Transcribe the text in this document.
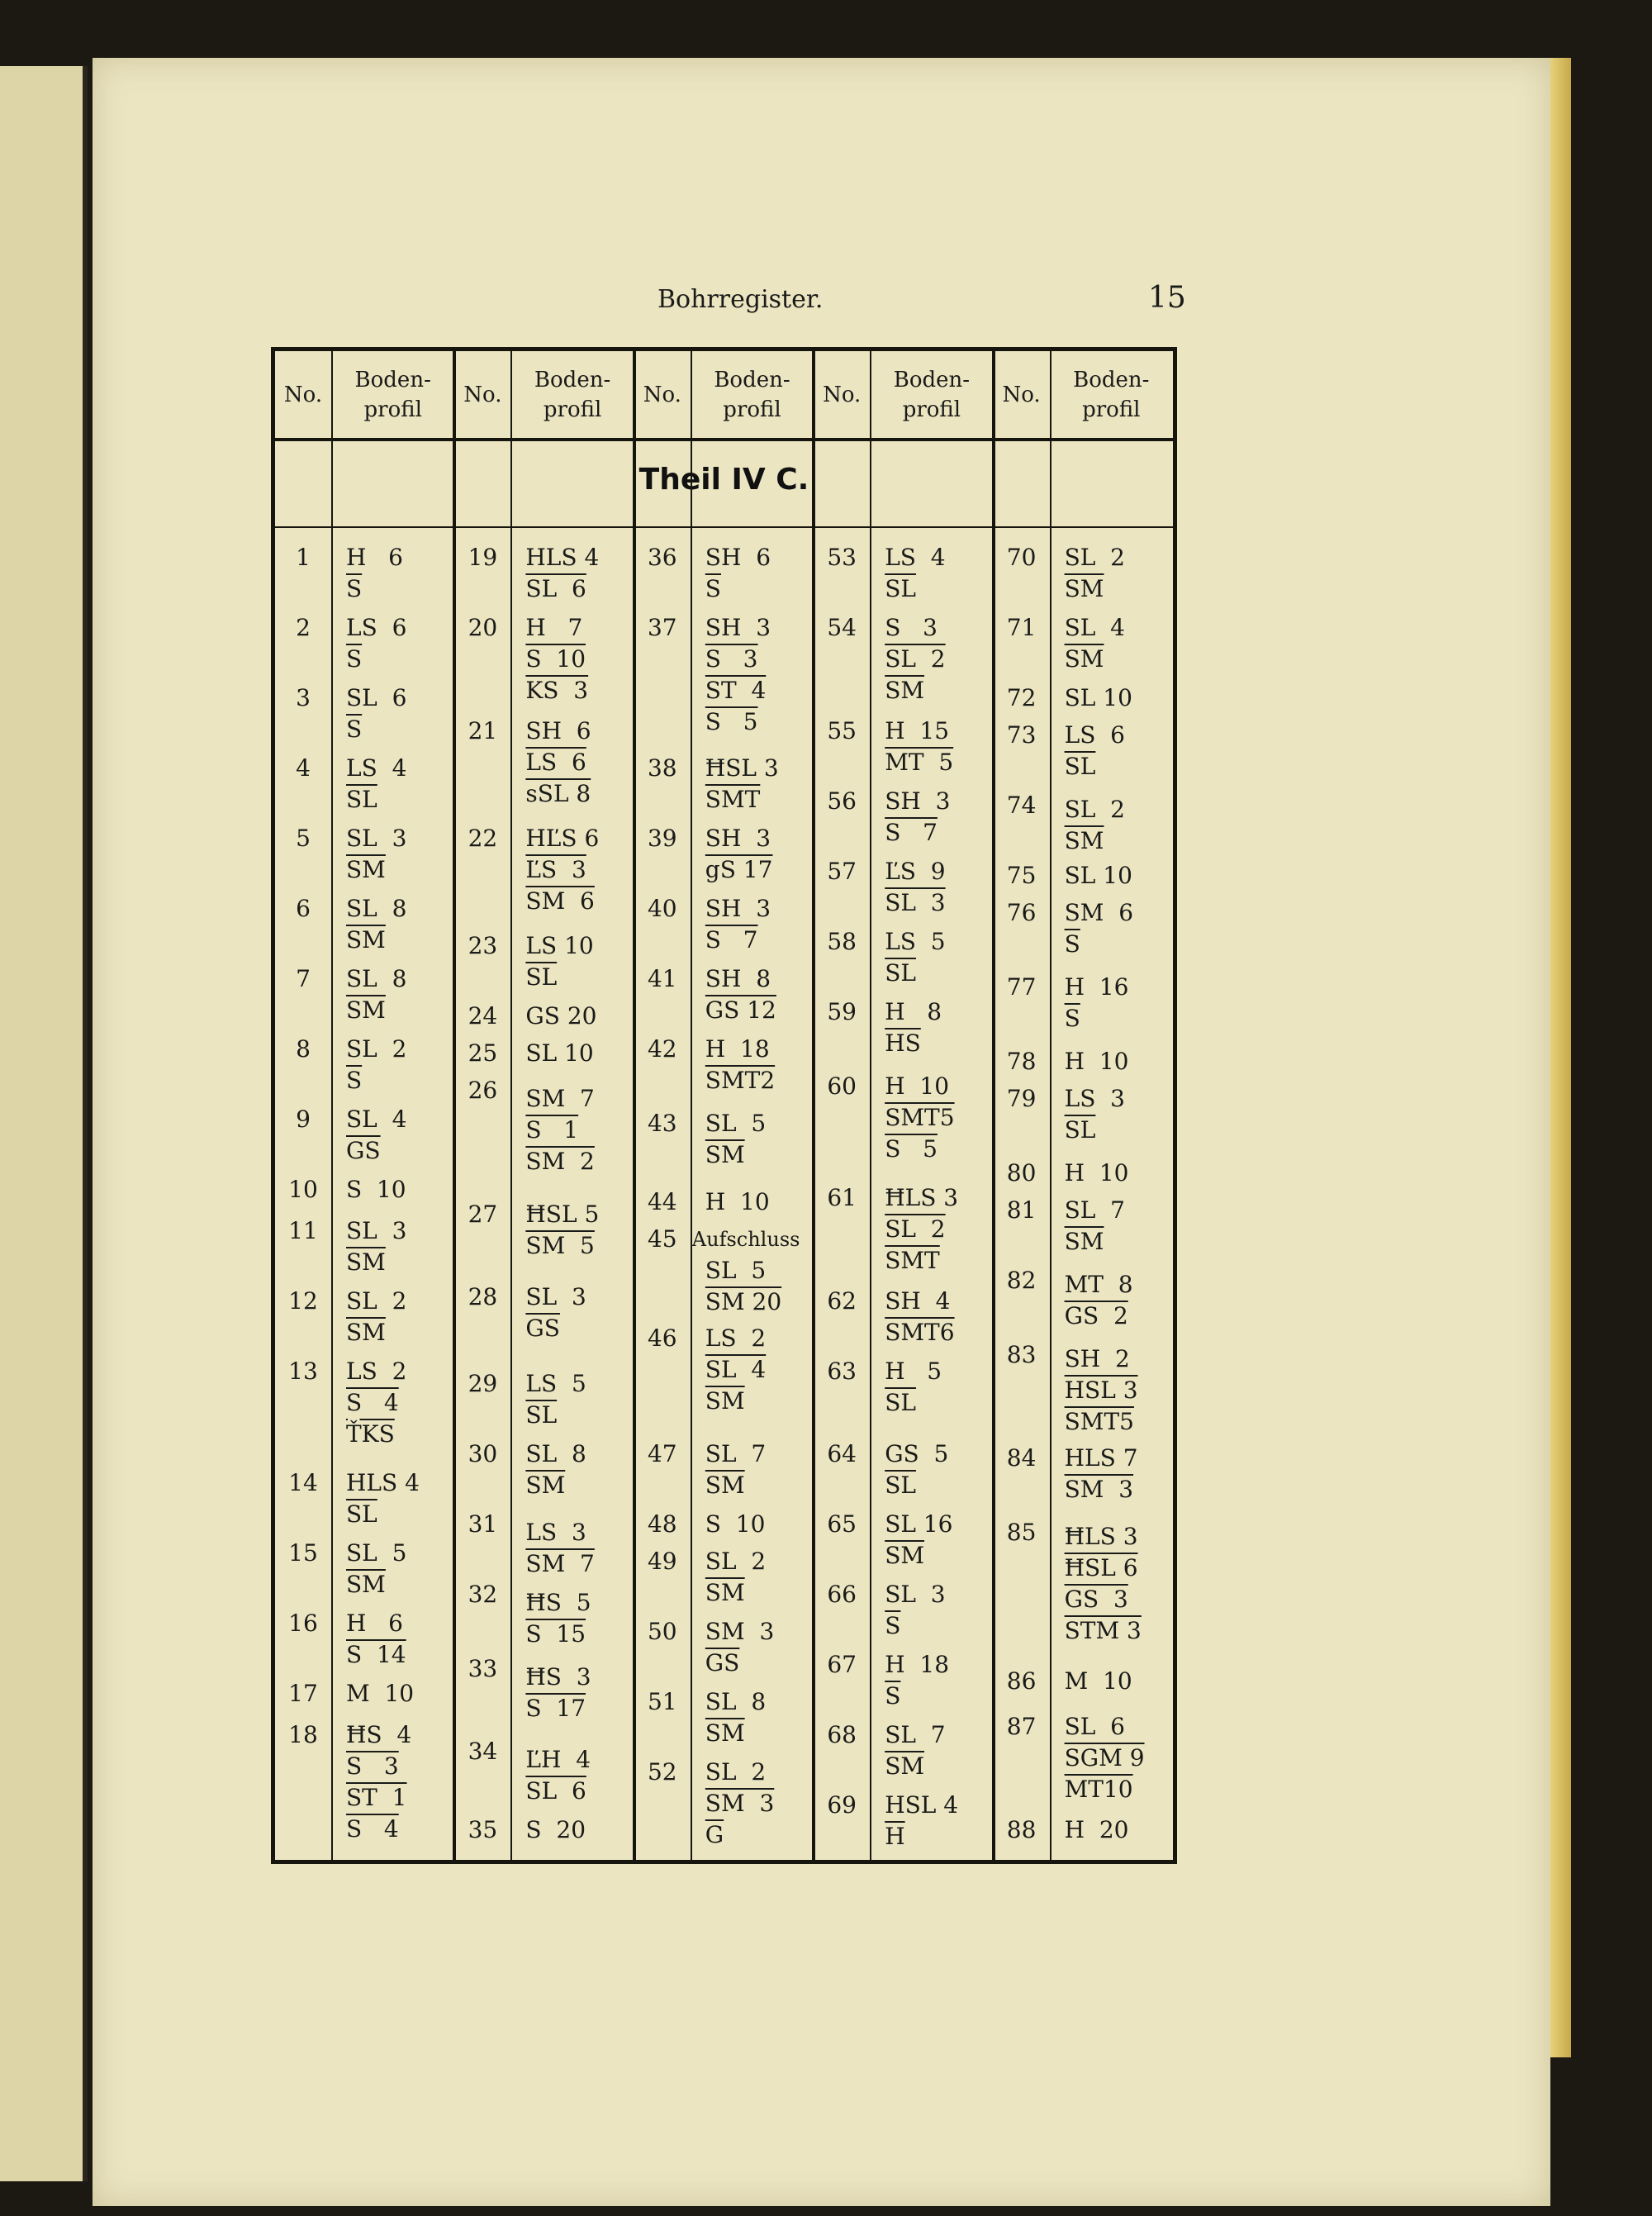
Bohrregister.	15
Theil IV C.
No.
Boden-
profil
No.
Boden-
profil
No.
Boden-
profil
No.
Boden-
profil
No.
Boden-
profil
1
2
3
4
5
6
7
8
9
10
11
12
13
14
15
16
17
18
H   6
$\overline{S}$
LS  6
$\overline{S}$
SL  6
$\overline{S}$
LS  4
$\overline{SL}$
SL  3
$\overline{SM}$
SL  8
$\overline{SM}$
SL  8
$\overline{SM}$
SL  2
$\overline{S}$
SL  4
$\overline{GS}$
S  10
SL  3
$\overline{SM}$
SL  2
$\overline{SM}$
LS  2
S   4
$\overline{ŤKS}$
HLS 4
$\overline{SL}$
SL  5
$\overline{SM}$
H   6
S  14
M  10
ĦS  4
S   3
ST  1
S   4
19
20
21
22
23
24
25
26
27
28
29
30
31
32
33
34
35
HLS 4
SL  6
H   7
S  10
KS  3
SH  6
LS  6
sSL 8
HĽS 6
ĽS  3
SM  6
LS 10
$\overline{SL}$
GS 20
SL 10
SM  7
S   1
SM  2
ĦSL 5
SM  5
SL  3
$\overline{GS}$
LS  5
$\overline{SL}$
SL  8
$\overline{SM}$
LS  3
SM  7
ĦS  5
S  15
ĦS  3
S  17
ĽH  4
SL  6
S  20
36
37
38
39
40
41
42
43
44
45
46
47
48
49
50
51
52
SH  6
$\overline{S}$
SH  3
S   3
ST  4
S   5
ĦSL 3
$\overline{SMT}$
SH  3
gS 17
SH  3
S   7
SH  8
GS 12
H  18
SMT2
SL  5
$\overline{SM}$
H  10
Aufschluss
SL  5
SM 20
LS  2
SL  4
$\overline{SM}$
SL  7
$\overline{SM}$
S  10
SL  2
$\overline{SM}$
SM  3
$\overline{GS}$
SL  8
$\overline{SM}$
SL  2
SM  3
$\overline{G}$
53
54
55
56
57
58
59
60
61
62
63
64
65
66
67
68
69
LS  4
$\overline{SL}$
S   3
SL  2
$\overline{SM}$
H  15
MT  5
SH  3
S   7
ĽS  9
SL  3
LS  5
$\overline{SL}$
H   8
$\overline{HS}$
H  10
SMT5
S   5
ĦLS 3
SL  2
$\overline{SMT}$
SH  4
SMT6
H   5
$\overline{SL}$
GS  5
$\overline{SL}$
SL 16
$\overline{SM}$
SL  3
$\overline{S}$
H  18
$\overline{S}$
SL  7
$\overline{SM}$
HSL 4
$\overline{H}$
70
71
72
73
74
75
76
77
78
79
80
81
82
83
84
85
86
87
88
SL  2
$\overline{SM}$
SL  4
$\overline{SM}$
SL 10
LS  6
$\overline{SL}$
SL  2
$\overline{SM}$
SL 10
SM  6
$\overline{S}$
H  16
$\overline{S}$
H  10
LS  3
$\overline{SL}$
H  10
SL  7
$\overline{SM}$
MT  8
GS  2
SH  2
HSL 3
SMT5
HLS 7
SM  3
ĦLS 3
ĦSL 6
GS  3
STM 3
M  10
SL  6
SGM 9
MT10
H  20
